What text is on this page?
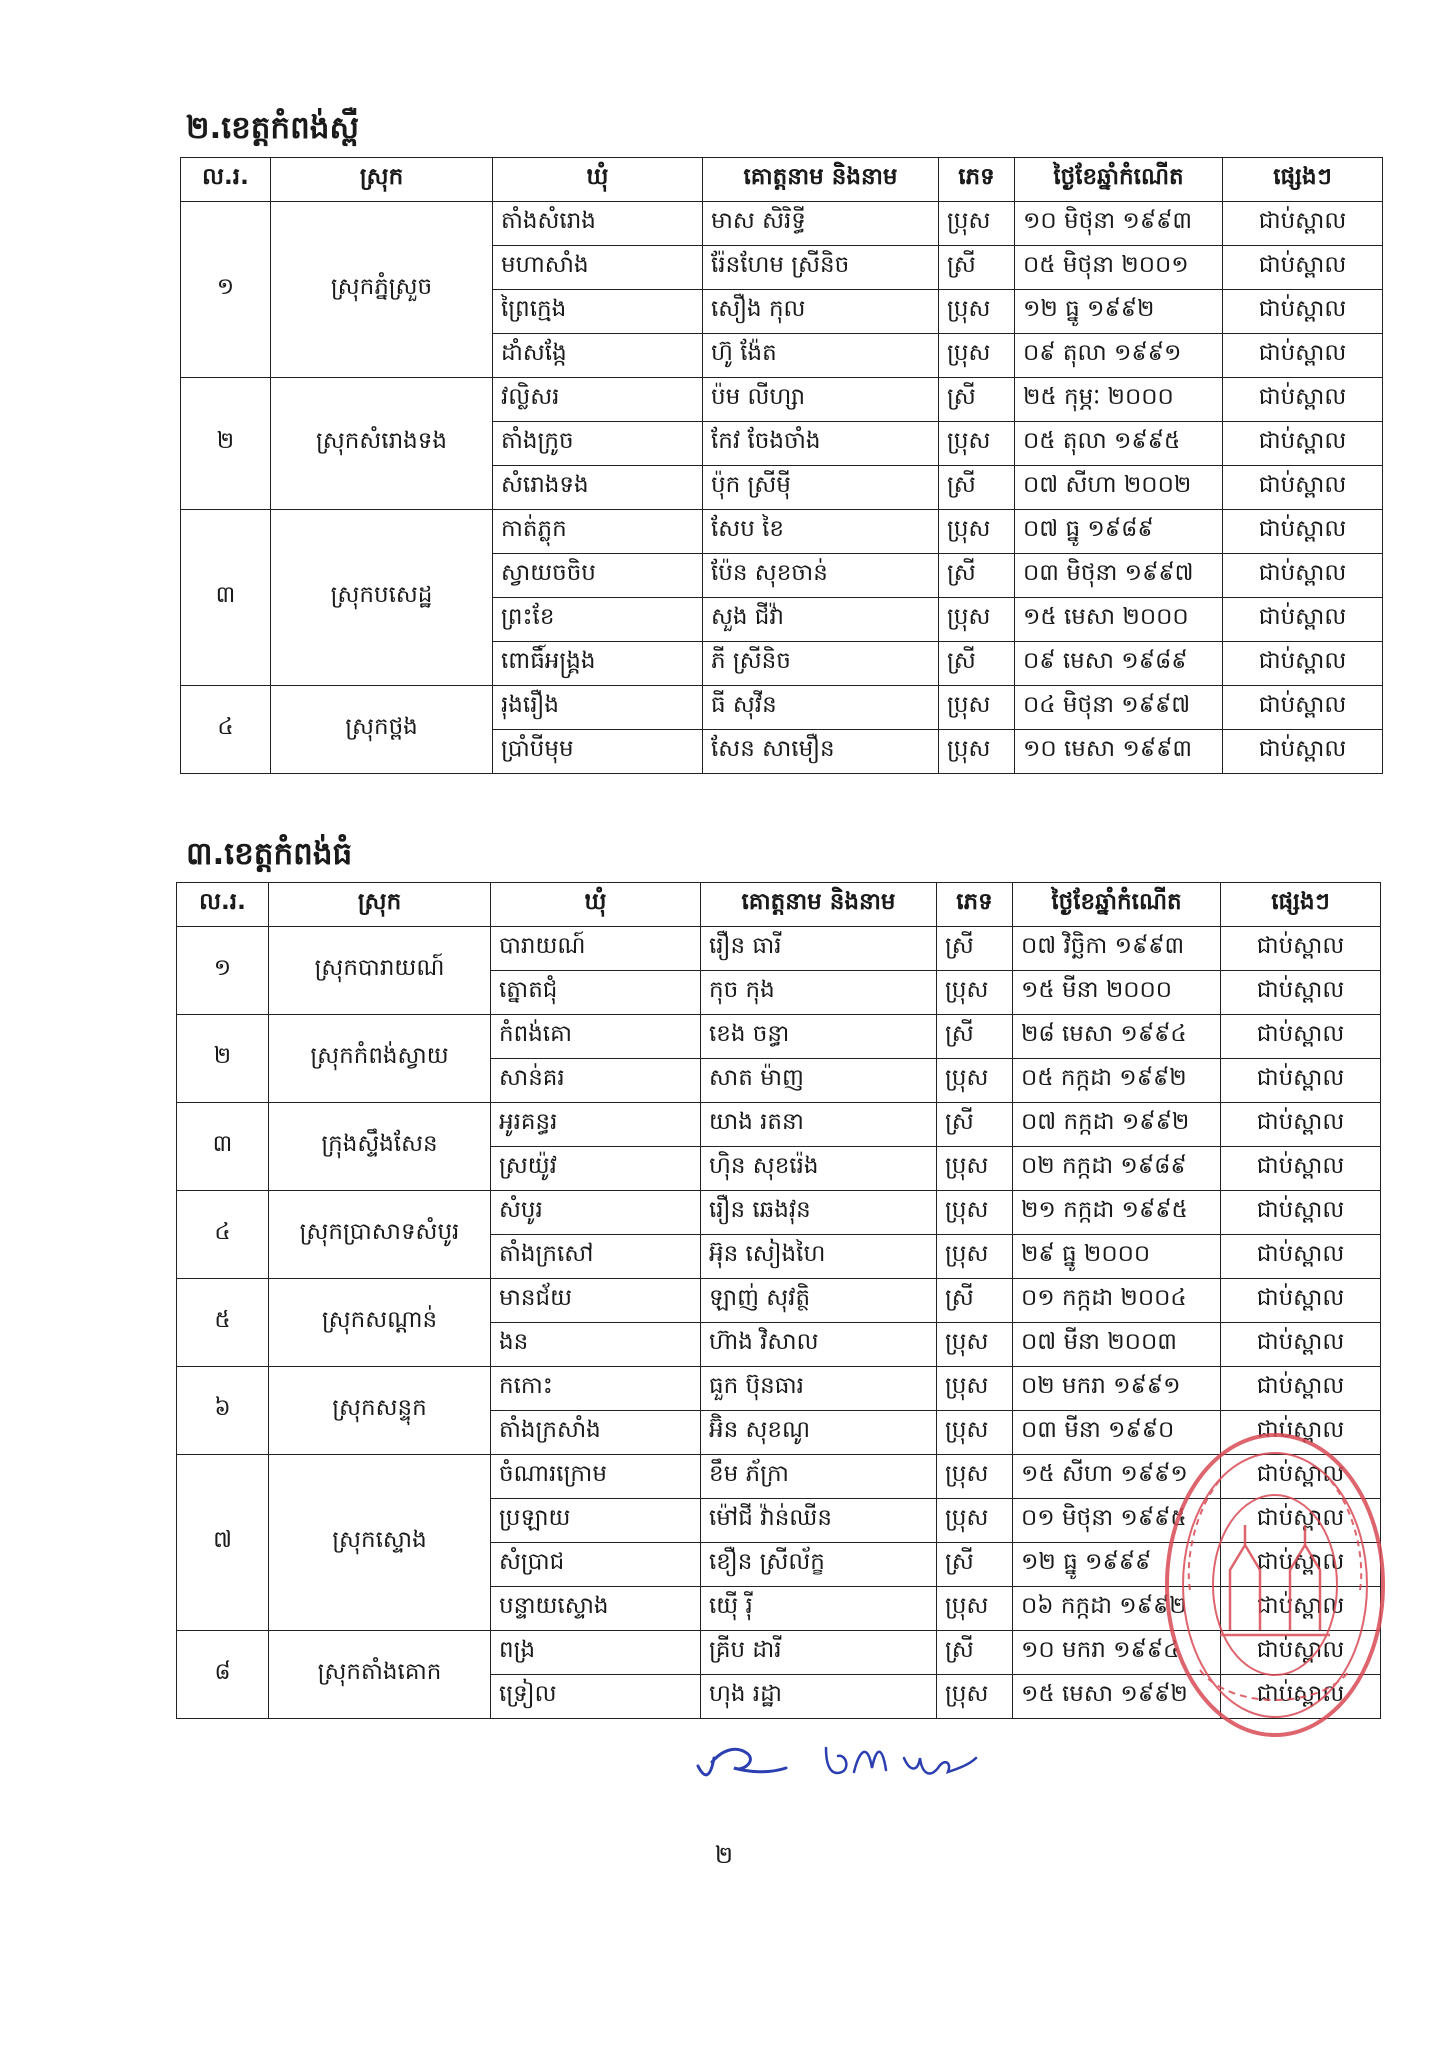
២.ខេត្តកំពង់ស្ពឺ
ល.រ.	ស្រុក	ឃុំ	គោត្តនាម និងនាម	ភេទ	ថ្ងៃខែឆ្នាំកំណើត	ផ្សេងៗ
១	ស្រុកភ្នំស្រួច	តាំងសំរោង	មាស សិរិទ្ធី	ប្រុស	១០ មិថុនា ១៩៩៣	ជាប់ស្ពាល
		មហាសាំង	រ៉ែនហែម ស្រីនិច	ស្រី	០៥ មិថុនា ២០០១	ជាប់ស្ពាល
		ព្រៃក្មេង	សឿង កុល	ប្រុស	១២ ធ្នូ ១៩៩២	ជាប់ស្ពាល
		ដាំសង្កែ	ហ៊ូ ង៉ែត	ប្រុស	០៩ តុលា ១៩៩១	ជាប់ស្ពាល
២	ស្រុកសំរោងទង	វល្លិសរ	ប៉ម លីហ្សា	ស្រី	២៥ កុម្ភៈ ២០០០	ជាប់ស្ពាល
		តាំងក្រូច	កែវ ចែងចាំង	ប្រុស	០៥ តុលា ១៩៩៥	ជាប់ស្ពាល
		សំរោងទង	ប៉ុក ស្រីម៉ី	ស្រី	០៧ សីហា ២០០២	ជាប់ស្ពាល
៣	ស្រុកបសេដ្ឋ	កាត់ភ្លុក	សែប ខៃ	ប្រុស	០៧ ធ្នូ ១៩៨៩	ជាប់ស្ពាល
		ស្វាយចចិប	ប៉ែន សុខចាន់	ស្រី	០៣ មិថុនា ១៩៩៧	ជាប់ស្ពាល
		ព្រះខែ	សួង ជីវ៉ា	ប្រុស	១៥ មេសា ២០០០	ជាប់ស្ពាល
		ពោធិ៍អង្គ្រង	ភី ស្រីនិច	ស្រី	០៩ មេសា ១៩៨៩	ជាប់ស្ពាល
៤	ស្រុកថ្ពង	រុងរឿង	ធី សុវីន	ប្រុស	០៤ មិថុនា ១៩៩៧	ជាប់ស្ពាល
		ប្រាំបីមុម	សែន សាមឿន	ប្រុស	១០ មេសា ១៩៩៣	ជាប់ស្ពាល
៣.ខេត្តកំពង់ធំ
ល.រ.	ស្រុក	ឃុំ	គោត្តនាម និងនាម	ភេទ	ថ្ងៃខែឆ្នាំកំណើត	ផ្សេងៗ
១	ស្រុកបារាយណ៍	បារាយណ៍	រឿន ធារី	ស្រី	០៧ វិច្ឆិកា ១៩៩៣	ជាប់ស្ពាល
		ត្នោតជុំ	កុច កុង	ប្រុស	១៥ មីនា ២០០០	ជាប់ស្ពាល
២	ស្រុកកំពង់ស្វាយ	កំពង់គោ	ខេង ចន្ធា	ស្រី	២៨ មេសា ១៩៩៤	ជាប់ស្ពាល
		សាន់គរ	សាត ម៉ាញ	ប្រុស	០៥ កក្កដា ១៩៩២	ជាប់ស្ពាល
៣	ក្រុងស្ទឹងសែន	អូរគន្ធរ	យាង រតនា	ស្រី	០៧ កក្កដា ១៩៩២	ជាប់ស្ពាល
		ស្រយ៉ូវ	ហ៊ិន សុខរ៉េង	ប្រុស	០២ កក្កដា ១៩៨៩	ជាប់ស្ពាល
៤	ស្រុកប្រាសាទសំបូរ	សំបូរ	រឿន ឆេងវុន	ប្រុស	២១ កក្កដា ១៩៩៥	ជាប់ស្ពាល
		តាំងក្រសៅ	អ៊ុន សៀងហៃ	ប្រុស	២៩ ធ្នូ ២០០០	ជាប់ស្ពាល
៥	ស្រុកសណ្តាន់	មានជ័យ	ឡាញ់ សុវត្ថិ	ស្រី	០១ កក្កដា ២០០៤	ជាប់ស្ពាល
		ងន	ហ៊ាង វិសាល	ប្រុស	០៧ មីនា ២០០៣	ជាប់ស្ពាល
៦	ស្រុកសន្ទុក	កកោះ	ធួក ប៊ុនធារ	ប្រុស	០២ មករា ១៩៩១	ជាប់ស្ពាល
		តាំងក្រសាំង	អ៊ិន សុខណូ	ប្រុស	០៣ មីនា ១៩៩០	ជាប់ស្ពាល
៧	ស្រុកស្ទោង	ចំណារក្រោម	ខឹម ភ័ក្រា	ប្រុស	១៥ សីហា ១៩៩១	ជាប់ស្ពាល
		ប្រឡាយ	ម៉ៅជី វ៉ាន់ឈីន	ប្រុស	០១ មិថុនា ១៩៩៥	ជាប់ស្ពាល
		សំប្រាជ	ខឿន ស្រីល័ក្ខ	ស្រី	១២ ធ្នូ ១៩៩៩	ជាប់ស្ពាល
		បន្ទាយស្ទោង	យ៉ើ រ៉ី	ប្រុស	០៦ កក្កដា ១៩៩២	ជាប់ស្ពាល
៨	ស្រុកតាំងគោក	ពង្រ	គ្រីប ដារី	ស្រី	១០ មករា ១៩៩៤	ជាប់ស្ពាល
		ទ្រៀល	ហុង រដ្ឋា	ប្រុស	១៥ មេសា ១៩៩២	ជាប់ស្ពាល
២
